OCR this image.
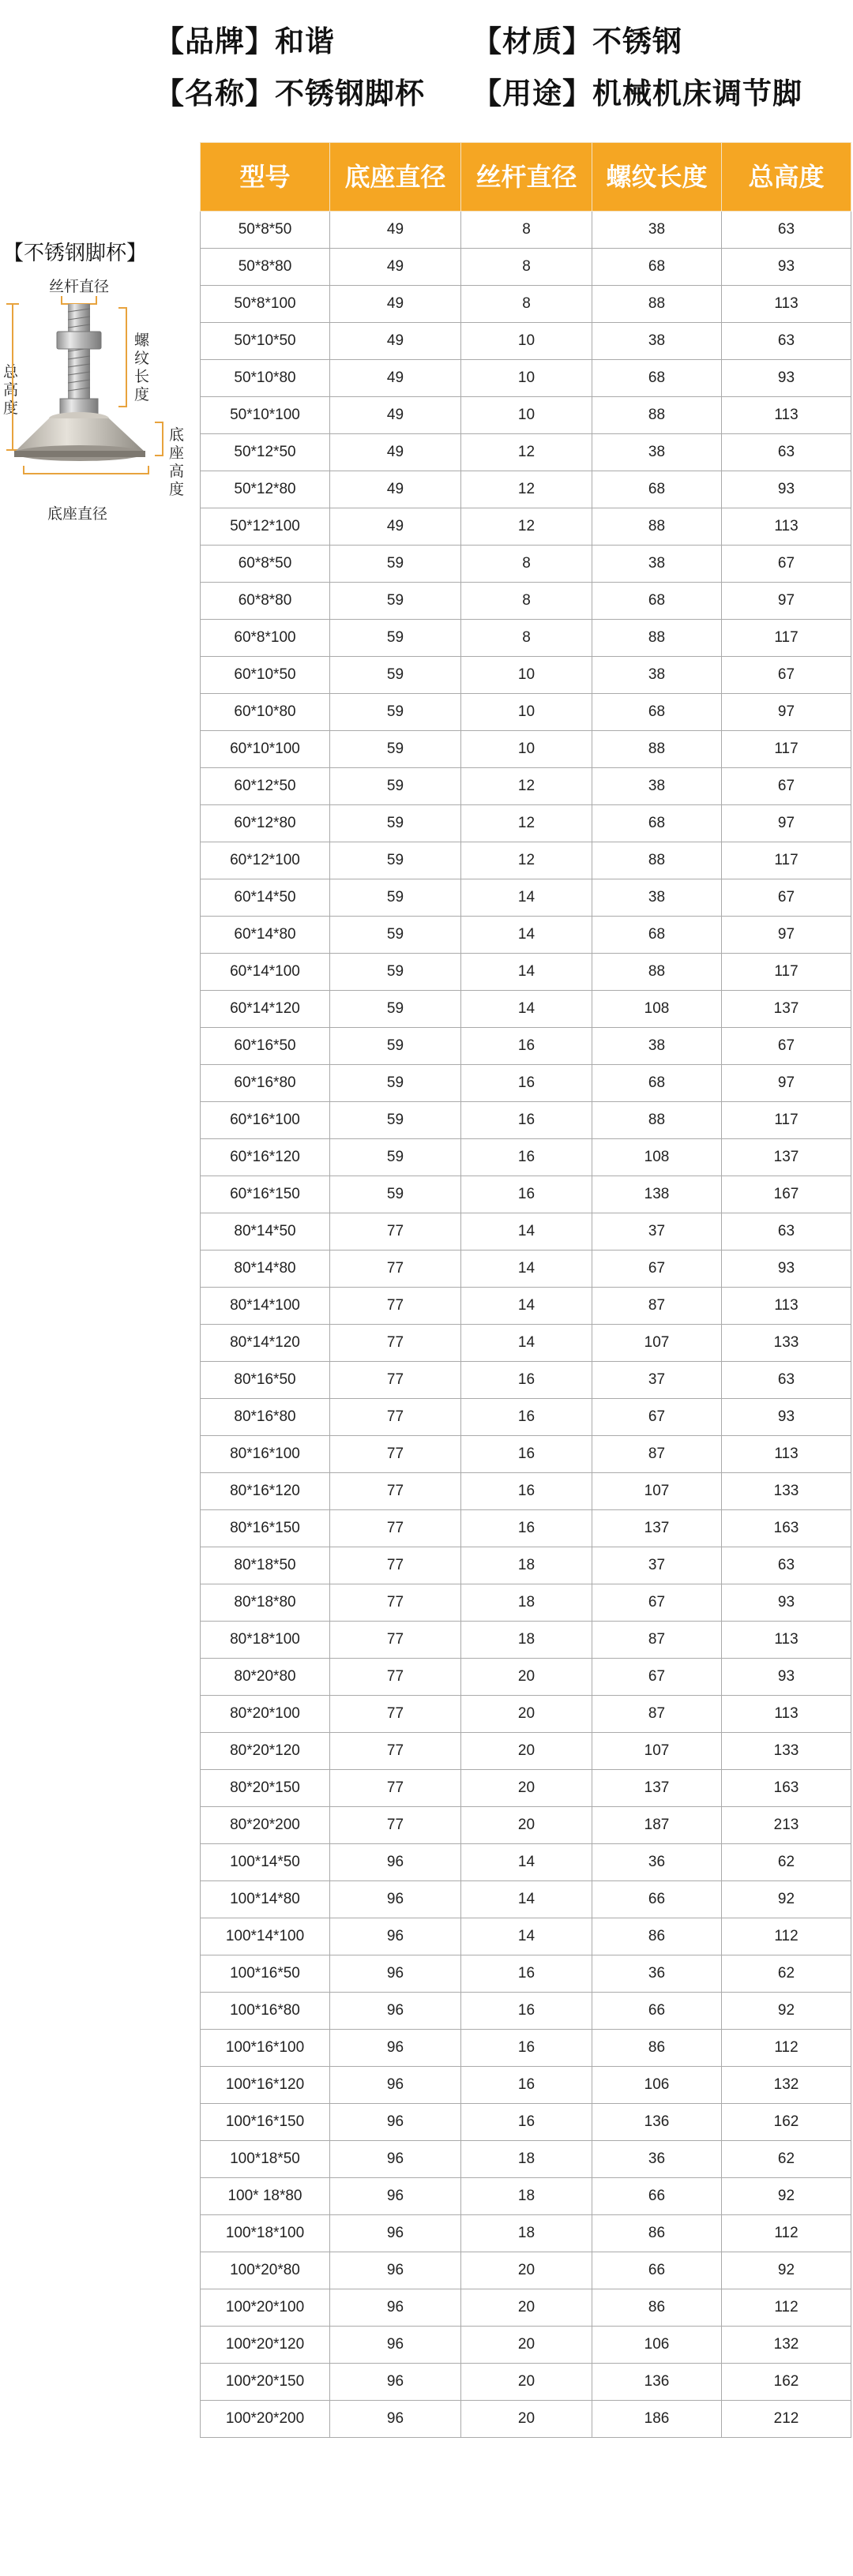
【品牌】和谐	【材质】不锈钢
【名称】不锈钢脚杯 【用途】机械机床调节脚
【不锈钢脚杯】
丝杆直径
总高度
螺纹长度
底座高度
底座直径
型号	底座直径	丝杆直径	螺纹长度	总高度
50*8*50	49	8	38	63
50*8*80	49	8	68	93
50*8*100	49	8	88	113
50*10*50	49	10	38	63
50*10*80	49	10	68	93
50*10*100	49	10	88	113
50*12*50	49	12	38	63
50*12*80	49	12	68	93
50*12*100	49	12	88	113
60*8*50	59	8	38	67
60*8*80	59	8	68	97
60*8*100	59	8	88	117
60*10*50	59	10	38	67
60*10*80	59	10	68	97
60*10*100	59	10	88	117
60*12*50	59	12	38	67
60*12*80	59	12	68	97
60*12*100	59	12	88	117
60*14*50	59	14	38	67
60*14*80	59	14	68	97
60*14*100	59	14	88	117
60*14*120	59	14	108	137
60*16*50	59	16	38	67
60*16*80	59	16	68	97
60*16*100	59	16	88	117
60*16*120	59	16	108	137
60*16*150	59	16	138	167
80*14*50	77	14	37	63
80*14*80	77	14	67	93
80*14*100	77	14	87	113
80*14*120	77	14	107	133
80*16*50	77	16	37	63
80*16*80	77	16	67	93
80*16*100	77	16	87	113
80*16*120	77	16	107	133
80*16*150	77	16	137	163
80*18*50	77	18	37	63
80*18*80	77	18	67	93
80*18*100	77	18	87	113
80*20*80	77	20	67	93
80*20*100	77	20	87	113
80*20*120	77	20	107	133
80*20*150	77	20	137	163
80*20*200	77	20	187	213
100*14*50	96	14	36	62
100*14*80	96	14	66	92
100*14*100	96	14	86	112
100*16*50	96	16	36	62
100*16*80	96	16	66	92
100*16*100	96	16	86	112
100*16*120	96	16	106	132
100*16*150	96	16	136	162
100*18*50	96	18	36	62
100* 18*80	96	18	66	92
100*18*100	96	18	86	112
100*20*80	96	20	66	92
100*20*100	96	20	86	112
100*20*120	96	20	106	132
100*20*150	96	20	136	162
100*20*200	96	20	186	212
